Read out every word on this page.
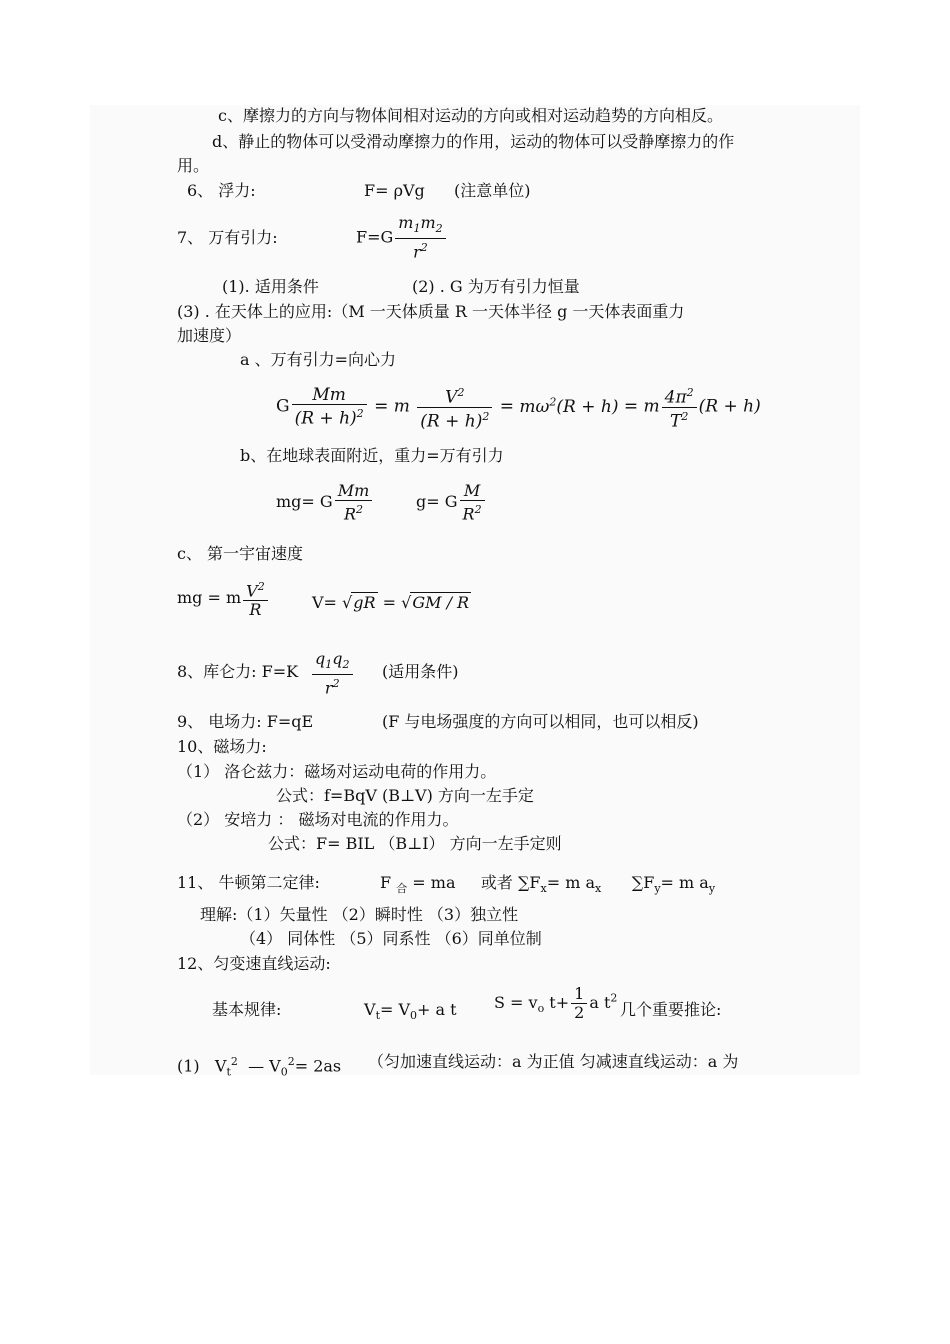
c、摩擦力的方向与物体间相对运动的方向或相对运动趋势的方向相反。
d、静止的物体可以受滑动摩擦力的作用，运动的物体可以受静摩擦力的作
用。
6、 浮力:	F= ρVg (注意单位)
7、 万有引力:	$F=G \frac{m_1m_2}{r^2}$
(1). 适用条件	(2) . G 为万有引力恒量
(3) . 在天体上的应用:（M 一天体质量 R 一天体半径 g 一天体表面重力
加速度）
a 、万有引力=向心力
G $\frac{Mm}{(R + h)^2} = m \frac{V^2}{(R + h)^2} = m\omega^2(R + h) = m \frac{4\pi^2}{T^2} (R + h)$
b、在地球表面附近，重力=万有引力
mg= G $\frac{Mm}{R^2}$	g= G $\frac{M}{R^2}$
c、 第一宇宙速度
mg = m $\frac{V^2}{R}$	V= √gR = √GM / R
8、库仑力: $F=K \frac{q_1q_2}{r^2}$ (适用条件)
9、 电场力: F=qE	(F 与电场强度的方向可以相同，也可以相反)
10、磁场力:
（1） 洛仑兹力：磁场对运动电荷的作用力。
公式：f=BqV (B⊥V) 方向一左手定
（2） 安培力 ： 磁场对电流的作用力。
公式：F= BIL （B⊥I） 方向一左手定则
11、 牛顿第二定律:	F $_合$ = ma     或者 $\sum F_x= m$ $a_x$      $\sum F_y= m$ $a_y$
理解:（1）矢量性 （2）瞬时性 （3）独立性
（4） 同体性 （5）同系性 （6）同单位制
12、匀变速直线运动:
基本规律:	$V_t= V_0+ a$ t $S = v_o$ $t+ \frac{1}{2}$ a $t^2$
几个重要推论:
(1)   $V_t^2$  — $V_0^2= 2as$ （匀加速直线运动：a 为正值 匀减速直线运动：a 为
